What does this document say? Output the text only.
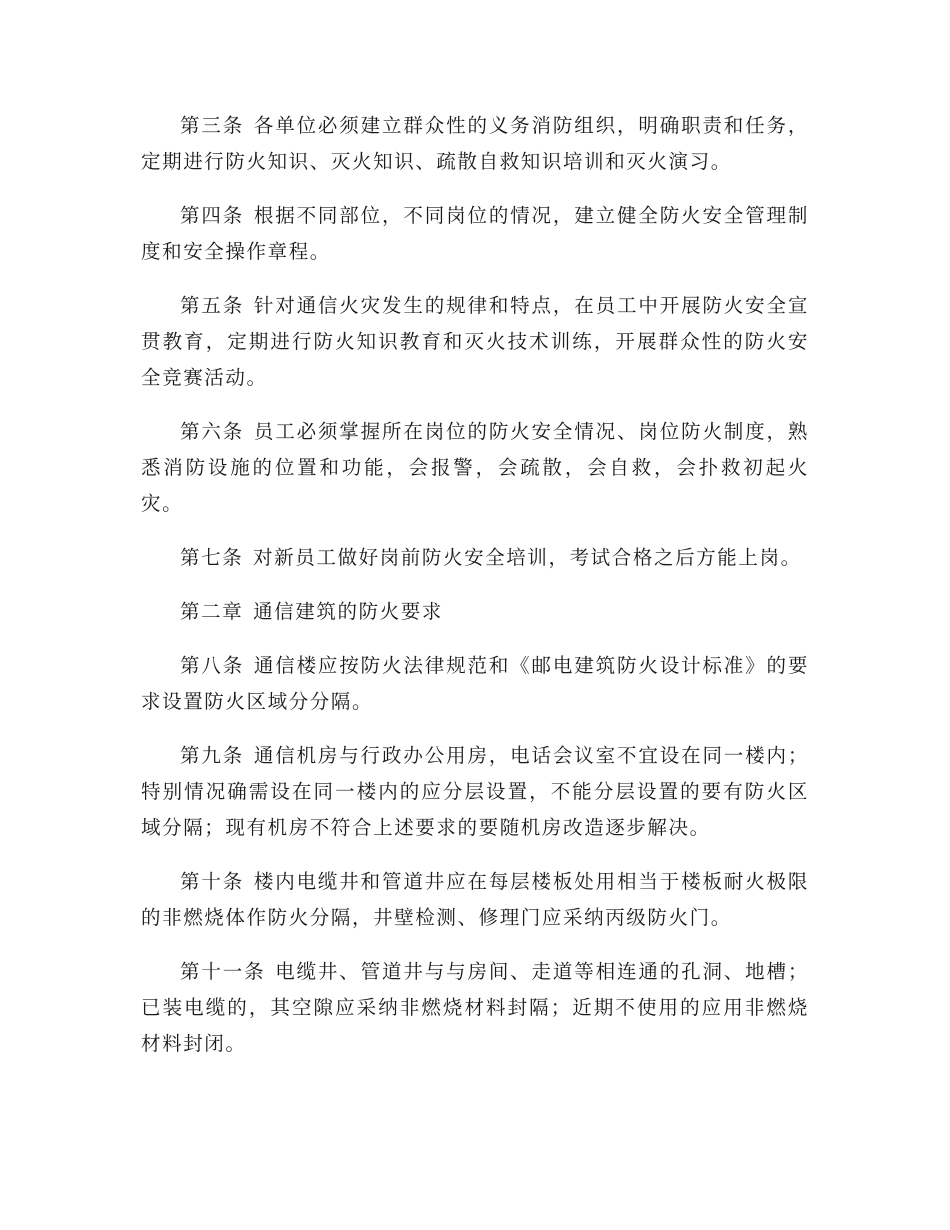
第三条 各单位必须建立群众性的义务消防组织，明确职责和任务，定期进行防火知识、灭火知识、疏散自救知识培训和灭火演习。

第四条 根据不同部位，不同岗位的情况，建立健全防火安全管理制度和安全操作章程。

第五条 针对通信火灾发生的规律和特点，在员工中开展防火安全宣贯教育，定期进行防火知识教育和灭火技术训练，开展群众性的防火安全竞赛活动。

第六条 员工必须掌握所在岗位的防火安全情况、岗位防火制度，熟悉消防设施的位置和功能，会报警，会疏散，会自救，会扑救初起火灾。

第七条 对新员工做好岗前防火安全培训，考试合格之后方能上岗。

第二章 通信建筑的防火要求

第八条 通信楼应按防火法律规范和《邮电建筑防火设计标准》的要求设置防火区域分分隔。

第九条 通信机房与行政办公用房，电话会议室不宜设在同一楼内；特别情况确需设在同一楼内的应分层设置，不能分层设置的要有防火区域分隔；现有机房不符合上述要求的要随机房改造逐步解决。

第十条 楼内电缆井和管道井应在每层楼板处用相当于楼板耐火极限的非燃烧体作防火分隔，井壁检测、修理门应采纳丙级防火门。

第十一条 电缆井、管道井与与房间、走道等相连通的孔洞、地槽；已装电缆的，其空隙应采纳非燃烧材料封隔；近期不使用的应用非燃烧材料封闭。
